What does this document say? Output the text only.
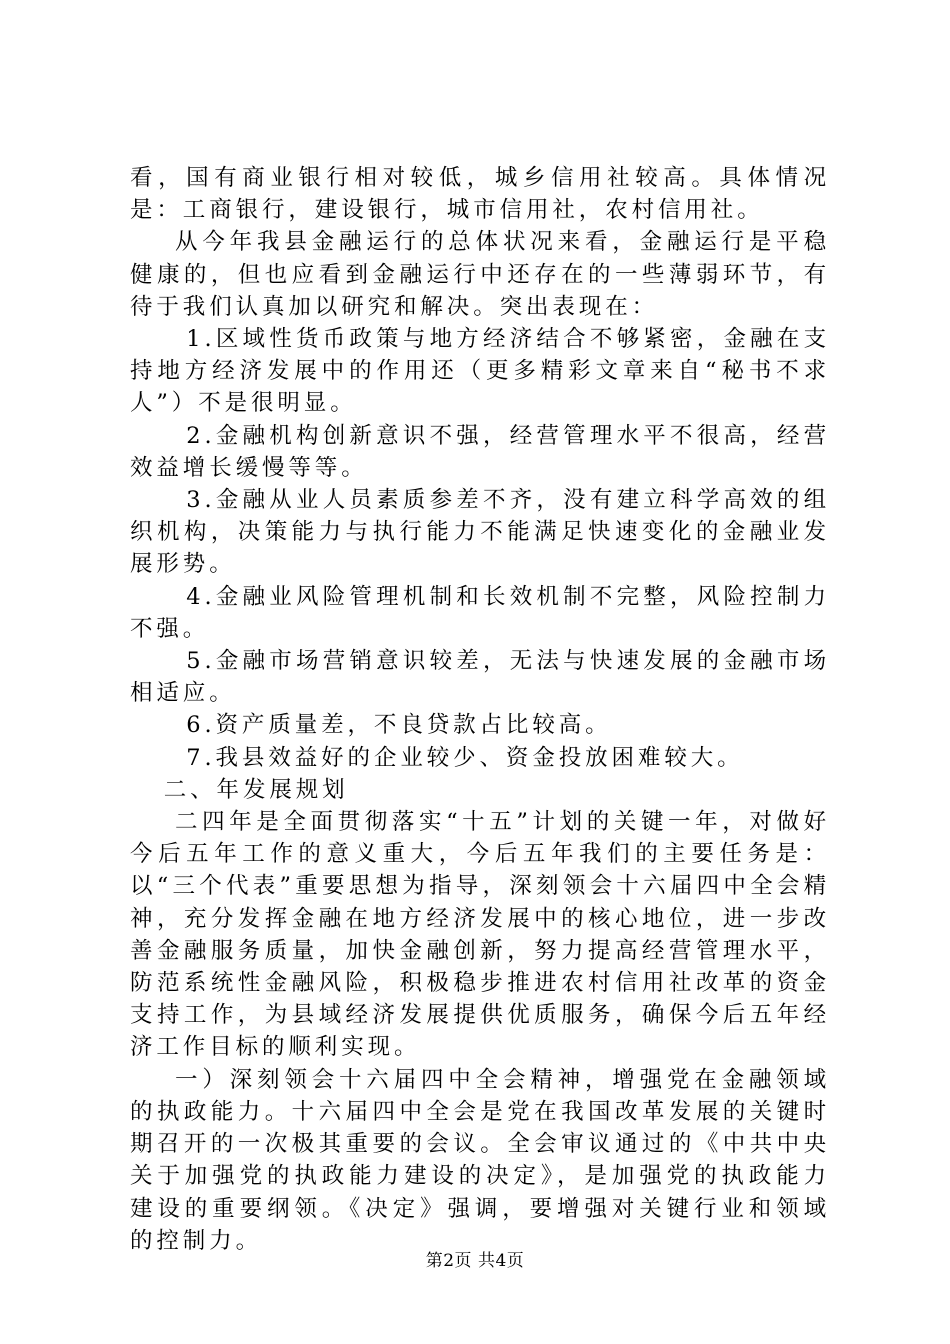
看，国有商业银行相对较低，城乡信用社较高。具体情况是：工商银行，建设银行，城市信用社，农村信用社。

从今年我县金融运行的总体状况来看，金融运行是平稳健康的，但也应看到金融运行中还存在的一些薄弱环节，有待于我们认真加以研究和解决。突出表现在：

1.区域性货币政策与地方经济结合不够紧密，金融在支持地方经济发展中的作用还（更多精彩文章来自“秘书不求人”）不是很明显。

2.金融机构创新意识不强，经营管理水平不很高，经营效益增长缓慢等等。

3.金融从业人员素质参差不齐，没有建立科学高效的组织机构，决策能力与执行能力不能满足快速变化的金融业发展形势。

4.金融业风险管理机制和长效机制不完整，风险控制力不强。

5.金融市场营销意识较差，无法与快速发展的金融市场相适应。

6.资产质量差，不良贷款占比较高。

7.我县效益好的企业较少、资金投放困难较大。

二、年发展规划

二四年是全面贯彻落实“十五”计划的关键一年，对做好今后五年工作的意义重大，今后五年我们的主要任务是：以“三个代表”重要思想为指导，深刻领会十六届四中全会精神，充分发挥金融在地方经济发展中的核心地位，进一步改善金融服务质量，加快金融创新，努力提高经营管理水平，防范系统性金融风险，积极稳步推进农村信用社改革的资金支持工作，为县域经济发展提供优质服务，确保今后五年经济工作目标的顺利实现。

一）深刻领会十六届四中全会精神，增强党在金融领域的执政能力。十六届四中全会是党在我国改革发展的关键时期召开的一次极其重要的会议。全会审议通过的《中共中央关于加强党的执政能力建设的决定》，是加强党的执政能力建设的重要纲领。《决定》强调，要增强对关键行业和领域的控制力。

第2页 共4页
